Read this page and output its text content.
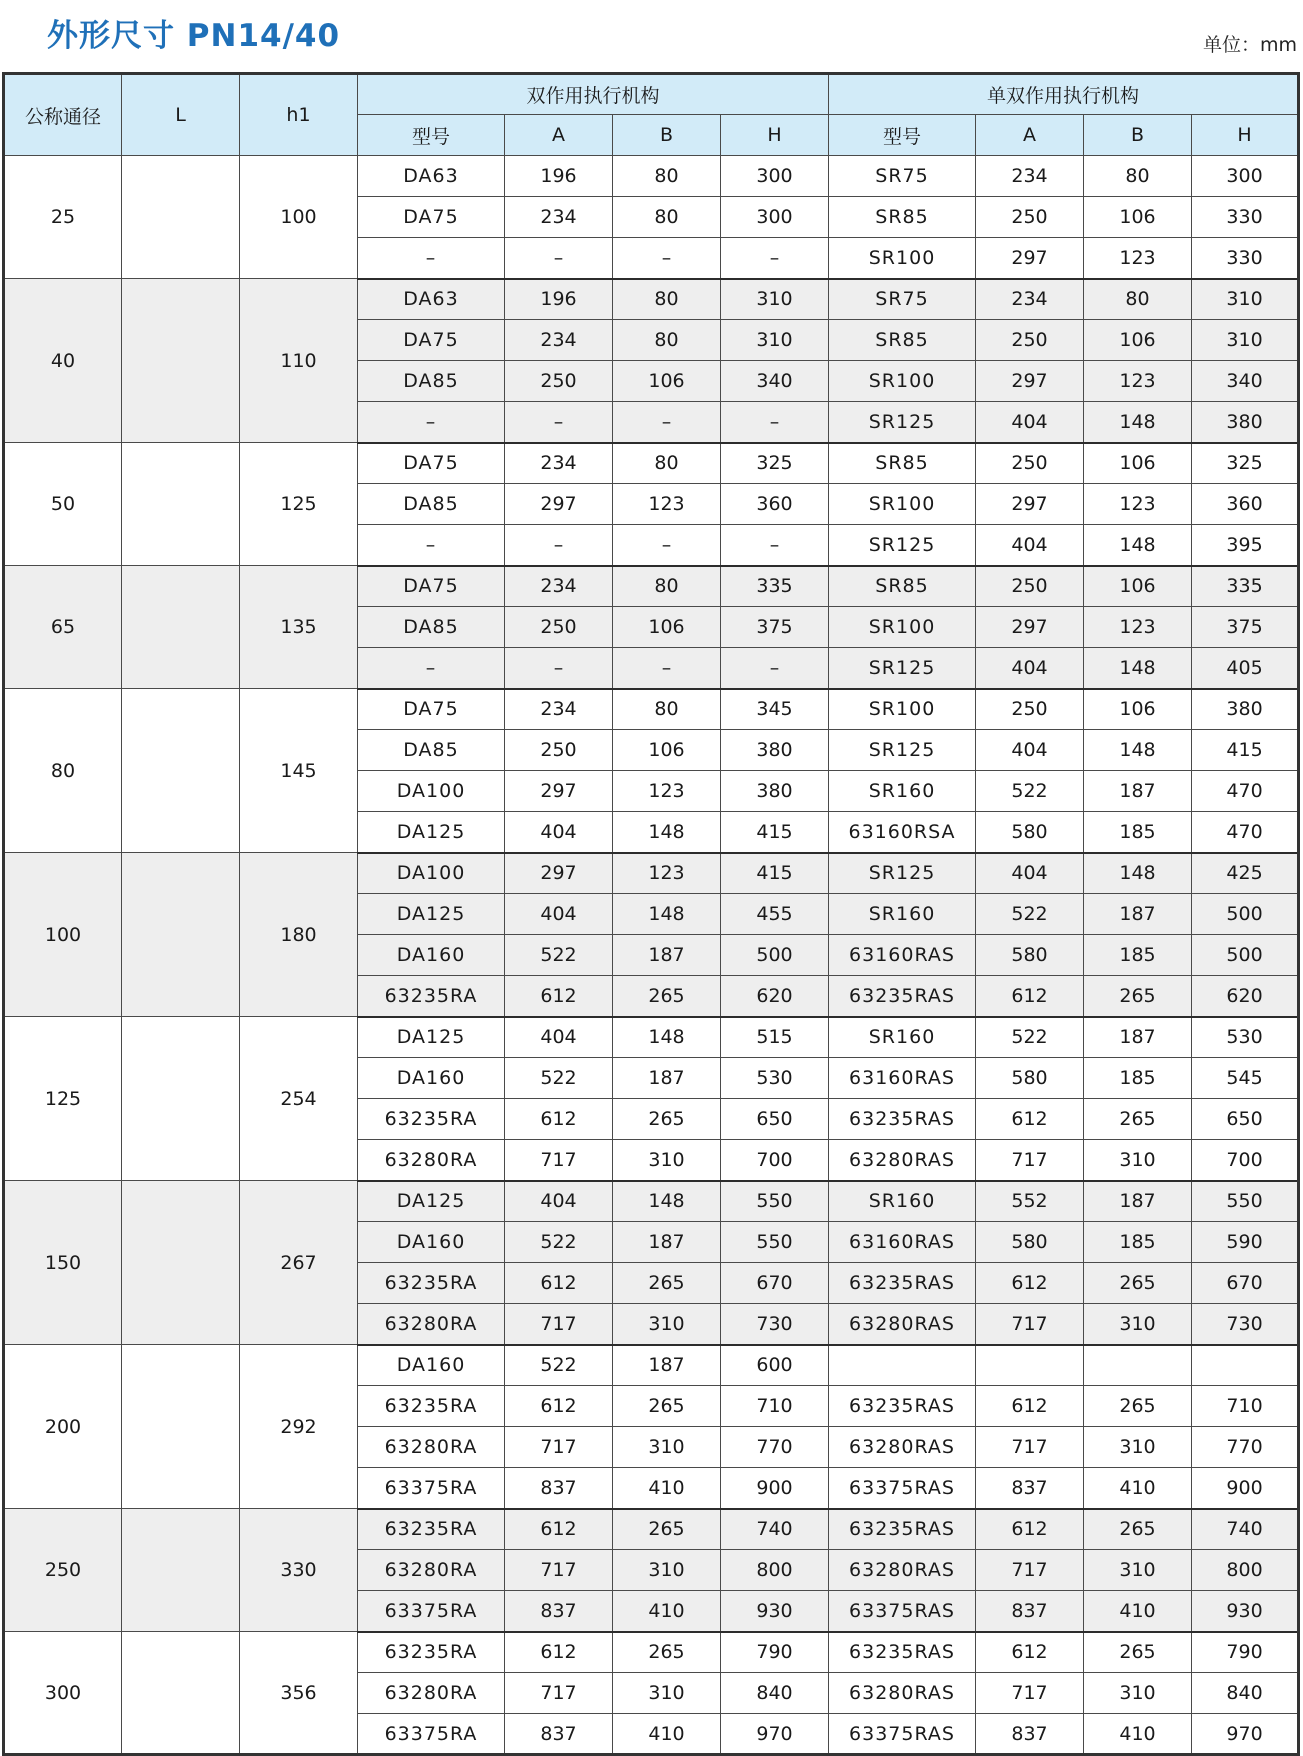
外形尺寸 PN14/40	单位：mm
公称通径	L	h1	双作用执行机构				单双作用执行机构			
			型号	A	B	H	型号	A	B	H
25		100	DA63	196	80	300	SR75	234	80	300
			DA75	234	80	300	SR85	250	106	330
			–	–	–	–	SR100	297	123	330
40		110	DA63	196	80	310	SR75	234	80	310
			DA75	234	80	310	SR85	250	106	310
			DA85	250	106	340	SR100	297	123	340
			–	–	–	–	SR125	404	148	380
50		125	DA75	234	80	325	SR85	250	106	325
			DA85	297	123	360	SR100	297	123	360
			–	–	–	–	SR125	404	148	395
65		135	DA75	234	80	335	SR85	250	106	335
			DA85	250	106	375	SR100	297	123	375
			–	–	–	–	SR125	404	148	405
80		145	DA75	234	80	345	SR100	250	106	380
			DA85	250	106	380	SR125	404	148	415
			DA100	297	123	380	SR160	522	187	470
			DA125	404	148	415	63160RSA	580	185	470
100		180	DA100	297	123	415	SR125	404	148	425
			DA125	404	148	455	SR160	522	187	500
			DA160	522	187	500	63160RAS	580	185	500
			63235RA	612	265	620	63235RAS	612	265	620
125		254	DA125	404	148	515	SR160	522	187	530
			DA160	522	187	530	63160RAS	580	185	545
			63235RA	612	265	650	63235RAS	612	265	650
			63280RA	717	310	700	63280RAS	717	310	700
150		267	DA125	404	148	550	SR160	552	187	550
			DA160	522	187	550	63160RAS	580	185	590
			63235RA	612	265	670	63235RAS	612	265	670
			63280RA	717	310	730	63280RAS	717	310	730
200		292	DA160	522	187	600				
			63235RA	612	265	710	63235RAS	612	265	710
			63280RA	717	310	770	63280RAS	717	310	770
			63375RA	837	410	900	63375RAS	837	410	900
250		330	63235RA	612	265	740	63235RAS	612	265	740
			63280RA	717	310	800	63280RAS	717	310	800
			63375RA	837	410	930	63375RAS	837	410	930
300		356	63235RA	612	265	790	63235RAS	612	265	790
			63280RA	717	310	840	63280RAS	717	310	840
			63375RA	837	410	970	63375RAS	837	410	970
